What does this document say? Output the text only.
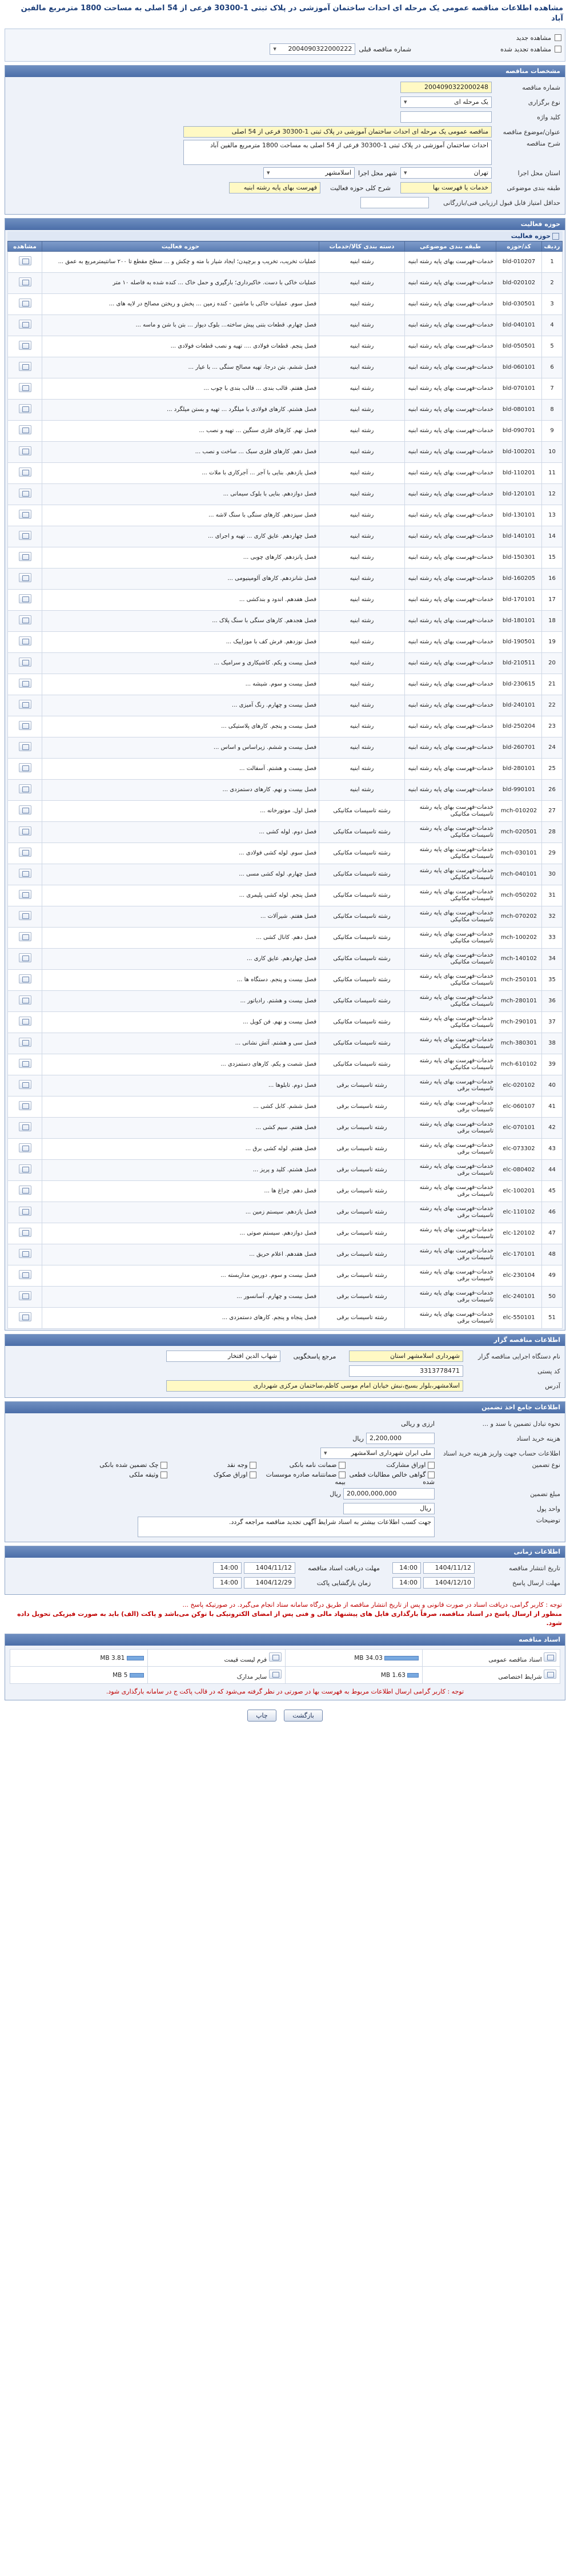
مشاهده اطلاعات مناقصه عمومی یک مرحله ای احداث ساختمان آموزشی در پلاک ثبتی 1-30300 فرعی از 54 اصلی به مساحت 1800 مترمربع مالفین آباد
مشاهده جدید
مشاهده تجدید شده
شماره مناقصه قبلی
2004090322000222 ▾
مشخصات مناقصه
شماره مناقصه
2004090322000248
نوع برگزاری
یک مرحله ای ▾
کلید واژه
عنوان/موضوع مناقصه
مناقصه عمومی یک مرحله ای احداث ساختمان آموزشی در پلاک ثبتی 1-30300 فرعی از 54 اصلی
شرح مناقصه
احداث ساختمان آموزشی در پلاک ثبتی 1-30300 فرعی از 54 اصلی به مساحت 1800 مترمربع مالفین آباد
استان محل اجرا
تهران ▾
شهر محل اجرا
اسلامشهر ▾
طبقه بندی موضوعی
خدمات یا فهرست بها
شرح کلی حوزه فعالیت
فهرست بهای پایه رشته ابنیه
حداقل امتیاز قابل قبول ارزیابی فنی/بازرگانی
حوزه فعالیت
حوزه فعالیت
ردیف	کد/حوزه	طبقه بندی موضوعی	دسته بندی کالا/خدمات	حوزه فعالیت	مشاهده
1	bld-010207	خدمات-فهرست بهای پایه رشته ابنیه	رشته ابنیه	عملیات تخریب، تخریب و برچیدن؛ ایجاد شیار با مته و چکش و ... سطح مقطع تا ۲۰۰ سانتیمترمربع به عمق ...	
2	bld-020102	خدمات-فهرست بهای پایه رشته ابنیه	رشته ابنیه	عملیات خاکی با دست. خاکبرداری؛ بارگیری و حمل خاک ... کنده شده به فاصله ۱۰ متر	
3	bld-030501	خدمات-فهرست بهای پایه رشته ابنیه	رشته ابنیه	فصل سوم. عملیات خاکی با ماشین - کنده زمین ... پخش و ریختن مصالح در لایه های ...	
4	bld-040101	خدمات-فهرست بهای پایه رشته ابنیه	رشته ابنیه	فصل چهارم. قطعات بتنی پیش ساخته... بلوک دیوار ... بتن با شن و ماسه ...	
5	bld-050501	خدمات-فهرست بهای پایه رشته ابنیه	رشته ابنیه	فصل پنجم. قطعات فولادی .... تهیه و نصب قطعات فولادی ...	
6	bld-060101	خدمات-فهرست بهای پایه رشته ابنیه	رشته ابنیه	فصل ششم. بتن درجا، تهیه مصالح سنگی ... با عیار ...	
7	bld-070101	خدمات-فهرست بهای پایه رشته ابنیه	رشته ابنیه	فصل هفتم. قالب بندی ... قالب بندی با چوب ...	
8	bld-080101	خدمات-فهرست بهای پایه رشته ابنیه	رشته ابنیه	فصل هشتم. کارهای فولادی با میلگرد ... تهیه و بستن میلگرد ...	
9	bld-090701	خدمات-فهرست بهای پایه رشته ابنیه	رشته ابنیه	فصل نهم. کارهای فلزی سنگین ... تهیه و نصب ...	
10	bld-100201	خدمات-فهرست بهای پایه رشته ابنیه	رشته ابنیه	فصل دهم. کارهای فلزی سبک ... ساخت و نصب ...	
11	bld-110201	خدمات-فهرست بهای پایه رشته ابنیه	رشته ابنیه	فصل یازدهم. بنایی با آجر ... آجرکاری با ملات ...	
12	bld-120101	خدمات-فهرست بهای پایه رشته ابنیه	رشته ابنیه	فصل دوازدهم. بنایی با بلوک سیمانی ...	
13	bld-130101	خدمات-فهرست بهای پایه رشته ابنیه	رشته ابنیه	فصل سیزدهم. کارهای سنگی با سنگ لاشه ...	
14	bld-140101	خدمات-فهرست بهای پایه رشته ابنیه	رشته ابنیه	فصل چهاردهم. عایق کاری ... تهیه و اجرای ...	
15	bld-150301	خدمات-فهرست بهای پایه رشته ابنیه	رشته ابنیه	فصل پانزدهم. کارهای چوبی ...	
16	bld-160205	خدمات-فهرست بهای پایه رشته ابنیه	رشته ابنیه	فصل شانزدهم. کارهای آلومینیومی ...	
17	bld-170101	خدمات-فهرست بهای پایه رشته ابنیه	رشته ابنیه	فصل هفدهم. اندود و بندکشی ...	
18	bld-180101	خدمات-فهرست بهای پایه رشته ابنیه	رشته ابنیه	فصل هجدهم. کارهای سنگی با سنگ پلاک ...	
19	bld-190501	خدمات-فهرست بهای پایه رشته ابنیه	رشته ابنیه	فصل نوزدهم. فرش کف با موزاییک ...	
20	bld-210511	خدمات-فهرست بهای پایه رشته ابنیه	رشته ابنیه	فصل بیست و یکم. کاشیکاری و سرامیک ...	
21	bld-230615	خدمات-فهرست بهای پایه رشته ابنیه	رشته ابنیه	فصل بیست و سوم. شیشه ...	
22	bld-240101	خدمات-فهرست بهای پایه رشته ابنیه	رشته ابنیه	فصل بیست و چهارم. رنگ آمیزی ...	
23	bld-250204	خدمات-فهرست بهای پایه رشته ابنیه	رشته ابنیه	فصل بیست و پنجم. کارهای پلاستیکی ...	
24	bld-260701	خدمات-فهرست بهای پایه رشته ابنیه	رشته ابنیه	فصل بیست و ششم. زیراساس و اساس ...	
25	bld-280101	خدمات-فهرست بهای پایه رشته ابنیه	رشته ابنیه	فصل بیست و هشتم. آسفالت ...	
26	bld-990101	خدمات-فهرست بهای پایه رشته ابنیه	رشته ابنیه	فصل بیست و نهم. کارهای دستمزدی ...	
27	mch-010202	خدمات-فهرست بهای پایه رشته تاسیسات مکانیکی	رشته تاسیسات مکانیکی	فصل اول. موتورخانه ...	
28	mch-020501	خدمات-فهرست بهای پایه رشته تاسیسات مکانیکی	رشته تاسیسات مکانیکی	فصل دوم. لوله کشی ...	
29	mch-030101	خدمات-فهرست بهای پایه رشته تاسیسات مکانیکی	رشته تاسیسات مکانیکی	فصل سوم. لوله کشی فولادی ...	
30	mch-040101	خدمات-فهرست بهای پایه رشته تاسیسات مکانیکی	رشته تاسیسات مکانیکی	فصل چهارم. لوله کشی مسی ...	
31	mch-050202	خدمات-فهرست بهای پایه رشته تاسیسات مکانیکی	رشته تاسیسات مکانیکی	فصل پنجم. لوله کشی پلیمری ...	
32	mch-070202	خدمات-فهرست بهای پایه رشته تاسیسات مکانیکی	رشته تاسیسات مکانیکی	فصل هفتم. شیرآلات ...	
33	mch-100202	خدمات-فهرست بهای پایه رشته تاسیسات مکانیکی	رشته تاسیسات مکانیکی	فصل دهم. کانال کشی ...	
34	mch-140102	خدمات-فهرست بهای پایه رشته تاسیسات مکانیکی	رشته تاسیسات مکانیکی	فصل چهاردهم. عایق کاری ...	
35	mch-250101	خدمات-فهرست بهای پایه رشته تاسیسات مکانیکی	رشته تاسیسات مکانیکی	فصل بیست و پنجم. دستگاه ها ...	
36	mch-280101	خدمات-فهرست بهای پایه رشته تاسیسات مکانیکی	رشته تاسیسات مکانیکی	فصل بیست و هشتم. رادیاتور ...	
37	mch-290101	خدمات-فهرست بهای پایه رشته تاسیسات مکانیکی	رشته تاسیسات مکانیکی	فصل بیست و نهم. فن کویل ...	
38	mch-380301	خدمات-فهرست بهای پایه رشته تاسیسات مکانیکی	رشته تاسیسات مکانیکی	فصل سی و هشتم. آتش نشانی ...	
39	mch-610102	خدمات-فهرست بهای پایه رشته تاسیسات مکانیکی	رشته تاسیسات مکانیکی	فصل شصت و یکم. کارهای دستمزدی ...	
40	elc-020102	خدمات-فهرست بهای پایه رشته تاسیسات برقی	رشته تاسیسات برقی	فصل دوم. تابلوها ...	
41	elc-060107	خدمات-فهرست بهای پایه رشته تاسیسات برقی	رشته تاسیسات برقی	فصل ششم. کابل کشی ...	
42	elc-070101	خدمات-فهرست بهای پایه رشته تاسیسات برقی	رشته تاسیسات برقی	فصل هفتم. سیم کشی ...	
43	elc-073302	خدمات-فهرست بهای پایه رشته تاسیسات برقی	رشته تاسیسات برقی	فصل هفتم. لوله کشی برق ...	
44	elc-080402	خدمات-فهرست بهای پایه رشته تاسیسات برقی	رشته تاسیسات برقی	فصل هشتم. کلید و پریز ...	
45	elc-100201	خدمات-فهرست بهای پایه رشته تاسیسات برقی	رشته تاسیسات برقی	فصل دهم. چراغ ها ...	
46	elc-110102	خدمات-فهرست بهای پایه رشته تاسیسات برقی	رشته تاسیسات برقی	فصل یازدهم. سیستم زمین ...	
47	elc-120102	خدمات-فهرست بهای پایه رشته تاسیسات برقی	رشته تاسیسات برقی	فصل دوازدهم. سیستم صوتی ...	
48	elc-170101	خدمات-فهرست بهای پایه رشته تاسیسات برقی	رشته تاسیسات برقی	فصل هفدهم. اعلام حریق ...	
49	elc-230104	خدمات-فهرست بهای پایه رشته تاسیسات برقی	رشته تاسیسات برقی	فصل بیست و سوم. دوربین مداربسته ...	
50	elc-240101	خدمات-فهرست بهای پایه رشته تاسیسات برقی	رشته تاسیسات برقی	فصل بیست و چهارم. آسانسور ...	
51	elc-550101	خدمات-فهرست بهای پایه رشته تاسیسات برقی	رشته تاسیسات برقی	فصل پنجاه و پنجم. کارهای دستمزدی ...	
اطلاعات مناقصه گزار
نام دستگاه اجرایی مناقصه گزار
شهرداری اسلامشهر استان
مرجع پاسخگویی
شهاب الدین افتخار
کد پستی
3313778471
آدرس
اسلامشهر،بلوار بسیج،نبش خیابان امام موسی کاظم،ساختمان مرکزی شهرداری
اطلاعات جامع اخذ تضمین
نحوه تبادل تضمین با سند و ...
ارزی و ریالی
هزینه خرید اسناد
2,200,000
ریال
اطلاعات حساب جهت واریز هزینه خرید اسناد
ملی ایران شهرداری اسلامشهر ▾
نوع تضمین
اوراق مشارکت
ضمانت نامه بانکی
وجه نقد
چک تضمین شده بانکی
گواهی خالص مطالبات قطعی شده
ضمانتنامه صادره موسسات بیمه
اوراق صکوک
وثیقه ملکی
مبلغ تضمین
20,000,000,000
ریال
واحد پول
ریال
توضیحات
جهت کسب اطلاعات بیشتر به اسناد شرایط آگهی تجدید مناقصه مراجعه گردد.
اطلاعات زمانی
تاریخ انتشار مناقصه
1404/11/12
14:00
مهلت دریافت اسناد مناقصه
1404/11/12
14:00
مهلت ارسال پاسخ
1404/12/10
14:00
زمان بازگشایی پاکت
1404/12/29
14:00
توجه : کاربر گرامی، دریافت اسناد در صورت قانونی و پس از تاریخ انتشار مناقصه از طریق درگاه سامانه ستاد انجام می‌گیرد. در صورتیکه پاسخ ...
منظور از ارسال پاسخ در اسناد مناقصه، صرفاً بارگذاری فایل های پیشنهاد مالی و فنی پس از امضای الکترونیکی با توکن می‌باشد و پاکت (الف) باید به صورت فیزیکی تحویل داده شود.
اسناد مناقصه
اسناد مناقصه عمومی	34.03 MB	فرم لیست قیمت	3.81 MB
شرایط اختصاصی	1.63 MB	سایر مدارک	5 MB
توجه : کاربر گرامی ارسال اطلاعات مربوط به فهرست بها در صورتی در نظر گرفته می‌شود که در قالب پاکت ج در سامانه بارگذاری شود.
بازگشت چاپ
